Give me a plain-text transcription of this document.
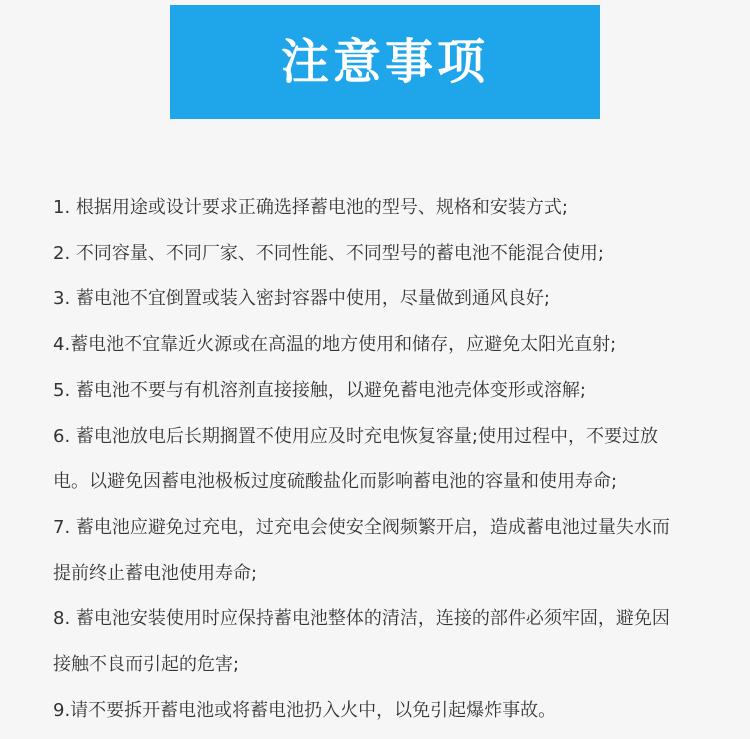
注意事项
1. 根据用途或设计要求正确选择蓄电池的型号、规格和安装方式;
2. 不同容量、不同厂家、不同性能、不同型号的蓄电池不能混合使用;
3. 蓄电池不宜倒置或装入密封容器中使用，尽量做到通风良好;
4.蓄电池不宜靠近火源或在高温的地方使用和储存，应避免太阳光直射;
5. 蓄电池不要与有机溶剂直接接触，以避免蓄电池壳体变形或溶解;
6. 蓄电池放电后长期搁置不使用应及时充电恢复容量;使用过程中，不要过放
电。以避免因蓄电池极板过度硫酸盐化而影响蓄电池的容量和使用寿命;
7. 蓄电池应避免过充电，过充电会使安全阀频繁开启，造成蓄电池过量失水而
提前终止蓄电池使用寿命;
8. 蓄电池安装使用时应保持蓄电池整体的清洁，连接的部件必须牢固，避免因
接触不良而引起的危害;
9.请不要拆开蓄电池或将蓄电池扔入火中，以免引起爆炸事故。
